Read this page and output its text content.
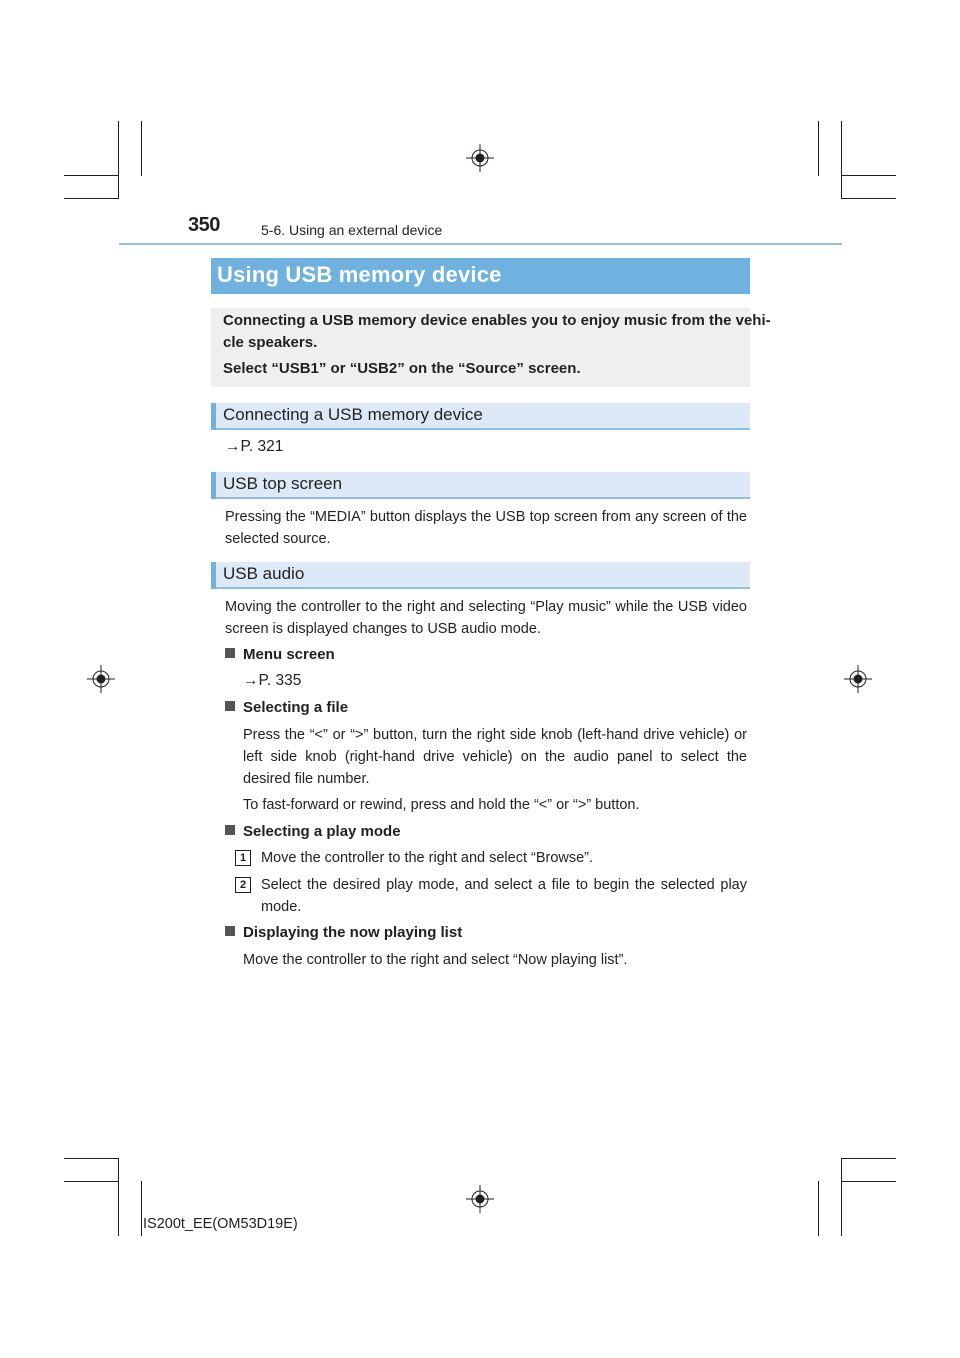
350	5-6. Using an external device
Using USB memory device
Connecting a USB memory device enables you to enjoy music from the vehi-
cle speakers.
Select “USB1” or “USB2” on the “Source” screen.
Connecting a USB memory device
→P. 321
USB top screen
Pressing the “MEDIA” button displays the USB top screen from any screen of the selected source.
USB audio
Moving the controller to the right and selecting “Play music” while the USB video screen is displayed changes to USB audio mode.
Menu screen
→P. 335
Selecting a file
Press the “<” or “>” button, turn the right side knob (left-hand drive vehicle) or left side knob (right-hand drive vehicle) on the audio panel to select the desired file number.
To fast-forward or rewind, press and hold the “<” or “>” button.
Selecting a play mode
1	Move the controller to the right and select “Browse”.
2	Select the desired play mode, and select a file to begin the selected play mode.
Displaying the now playing list
Move the controller to the right and select “Now playing list”.
IS200t_EE(OM53D19E)
